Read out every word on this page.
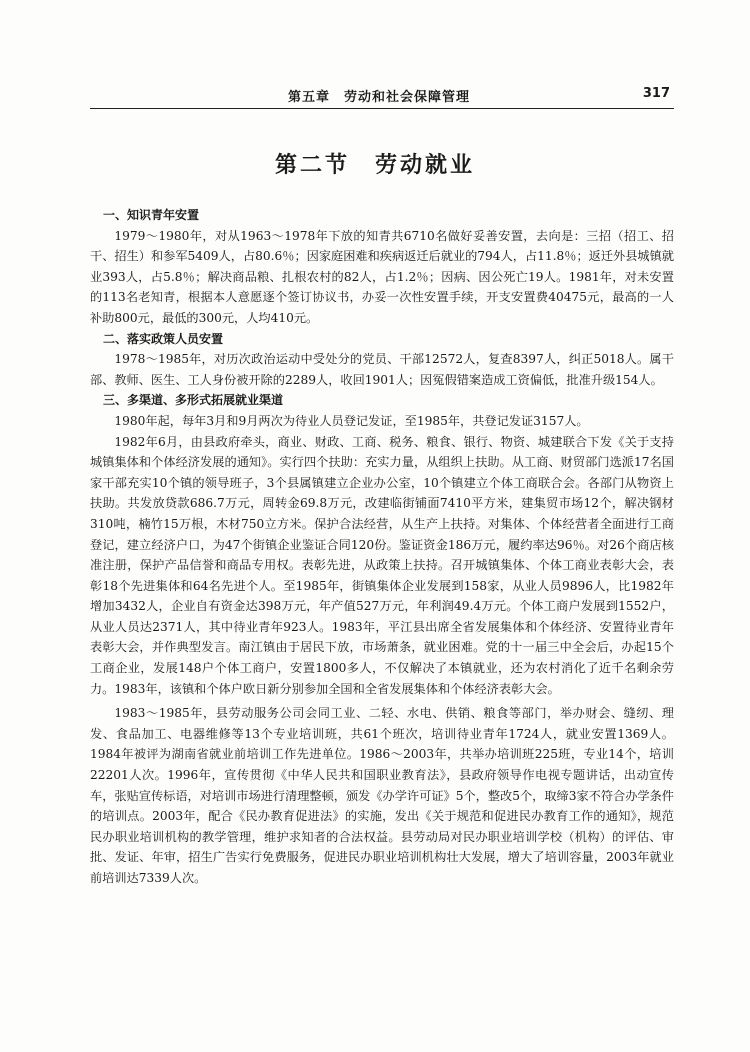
第五章　劳动和社会保障管理	317
第二节　劳动就业
一、知识青年安置

1979～1980年，对从1963～1978年下放的知青共6710名做好妥善安置，去向是：三招（招工、招干、招生）和参军5409人，占80.6％；因家庭困难和疾病返迁后就业的794人，占11.8％；返迁外县城镇就业393人，占5.8％；解决商品粮、扎根农村的82人，占1.2％；因病、因公死亡19人。1981年，对未安置的113名老知青，根据本人意愿逐个签订协议书，办妥一次性安置手续，开支安置费40475元，最高的一人补助800元，最低的300元，人均410元。

二、落实政策人员安置

1978～1985年，对历次政治运动中受处分的党员、干部12572人，复查8397人，纠正5018人。属干部、教师、医生、工人身份被开除的2289人，收回1901人；因冤假错案造成工资偏低，批准升级154人。

三、多渠道、多形式拓展就业渠道

1980年起，每年3月和9月两次为待业人员登记发证，至1985年，共登记发证3157人。

1982年6月，由县政府牵头，商业、财政、工商、税务、粮食、银行、物资、城建联合下发《关于支持城镇集体和个体经济发展的通知》。实行四个扶助：充实力量，从组织上扶助。从工商、财贸部门选派17名国家干部充实10个镇的领导班子，3个县属镇建立企业办公室，10个镇建立个体工商联合会。各部门从物资上扶助。共发放贷款686.7万元，周转金69.8万元，改建临街铺面7410平方米，建集贸市场12个，解决钢材310吨，楠竹15万根，木材750立方米。保护合法经营，从生产上扶持。对集体、个体经营者全面进行工商登记，建立经济户口，为47个街镇企业鉴证合同120份。鉴证资金186万元，履约率达96％。对26个商店核准注册，保护产品信誉和商品专用权。表彰先进，从政策上扶持。召开城镇集体、个体工商业表彰大会，表彰18个先进集体和64名先进个人。至1985年，街镇集体企业发展到158家，从业人员9896人，比1982年增加3432人，企业自有资金达398万元，年产值527万元，年利润49.4万元。个体工商户发展到1552户，从业人员达2371人，其中待业青年923人。1983年，平江县出席全省发展集体和个体经济、安置待业青年表彰大会，并作典型发言。南江镇由于居民下放，市场萧条，就业困难。党的十一届三中全会后，办起15个工商企业，发展148户个体工商户，安置1800多人，不仅解决了本镇就业，还为农村消化了近千名剩余劳力。1983年，该镇和个体户欧日新分别参加全国和全省发展集体和个体经济表彰大会。

1983～1985年，县劳动服务公司会同工业、二轻、水电、供销、粮食等部门，举办财会、缝纫、理发、食品加工、电器维修等13个专业培训班，共61个班次，培训待业青年1724人，就业安置1369人。1984年被评为湖南省就业前培训工作先进单位。1986～2003年，共举办培训班225班，专业14个，培训22201人次。1996年，宣传贯彻《中华人民共和国职业教育法》，县政府领导作电视专题讲话，出动宣传车，张贴宣传标语，对培训市场进行清理整顿，颁发《办学许可证》5个，整改5个，取缔3家不符合办学条件的培训点。2003年，配合《民办教育促进法》的实施，发出《关于规范和促进民办教育工作的通知》，规范民办职业培训机构的教学管理，维护求知者的合法权益。县劳动局对民办职业培训学校（机构）的评估、审批、发证、年审，招生广告实行免费服务，促进民办职业培训机构壮大发展，增大了培训容量，2003年就业前培训达7339人次。
